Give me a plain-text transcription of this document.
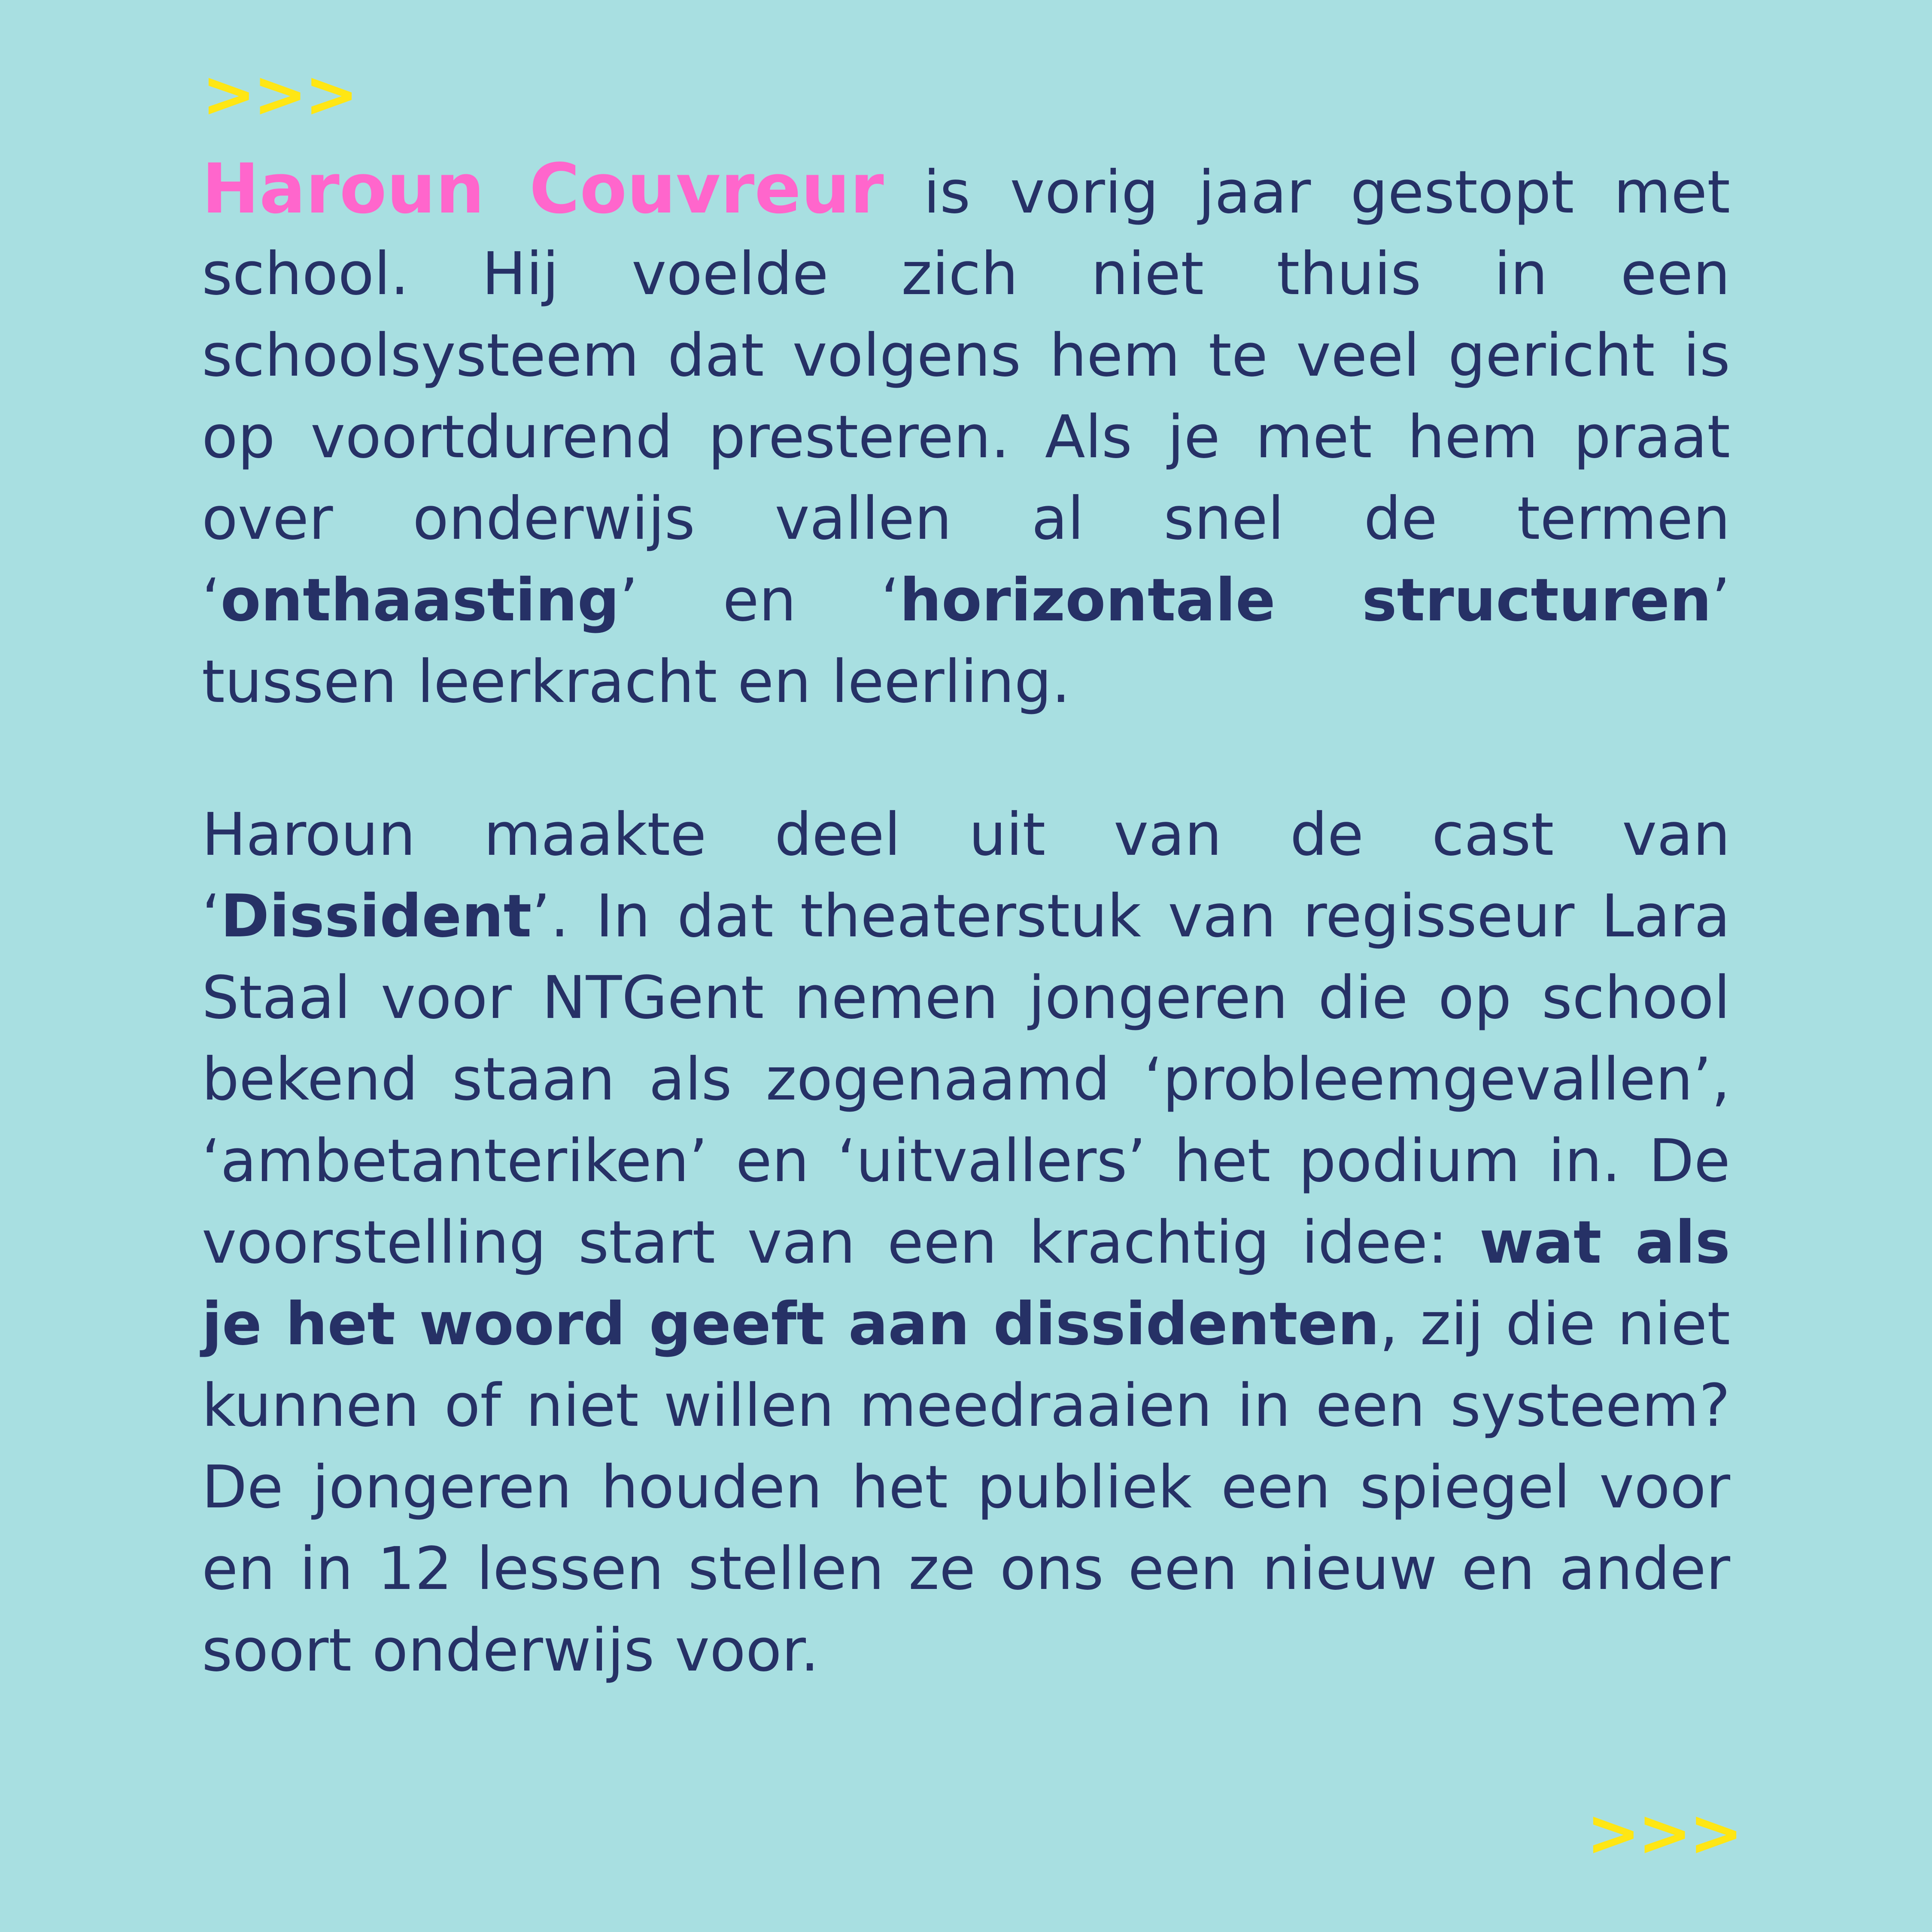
>>>

Haroun Couvreur is vorig jaar gestopt met school. Hij voelde zich niet thuis in een schoolsysteem dat volgens hem te veel gericht is op voortdurend presteren. Als je met hem praat over onderwijs vallen al snel de termen ‘onthaasting’ en ‘horizontale structuren’ tussen leerkracht en leerling.

Haroun maakte deel uit van de cast van ‘Dissident’. In dat theaterstuk van regisseur Lara Staal voor NTGent nemen jongeren die op school bekend staan als zogenaamd ‘probleemgevallen’, ‘ambetanteriken’ en ‘uitvallers’ het podium in. De voorstelling start van een krachtig idee: wat als je het woord geeft aan dissidenten, zij die niet kunnen of niet willen meedraaien in een systeem? De jongeren houden het publiek een spiegel voor en in 12 lessen stellen ze ons een nieuw en ander soort onderwijs voor.

>>>
